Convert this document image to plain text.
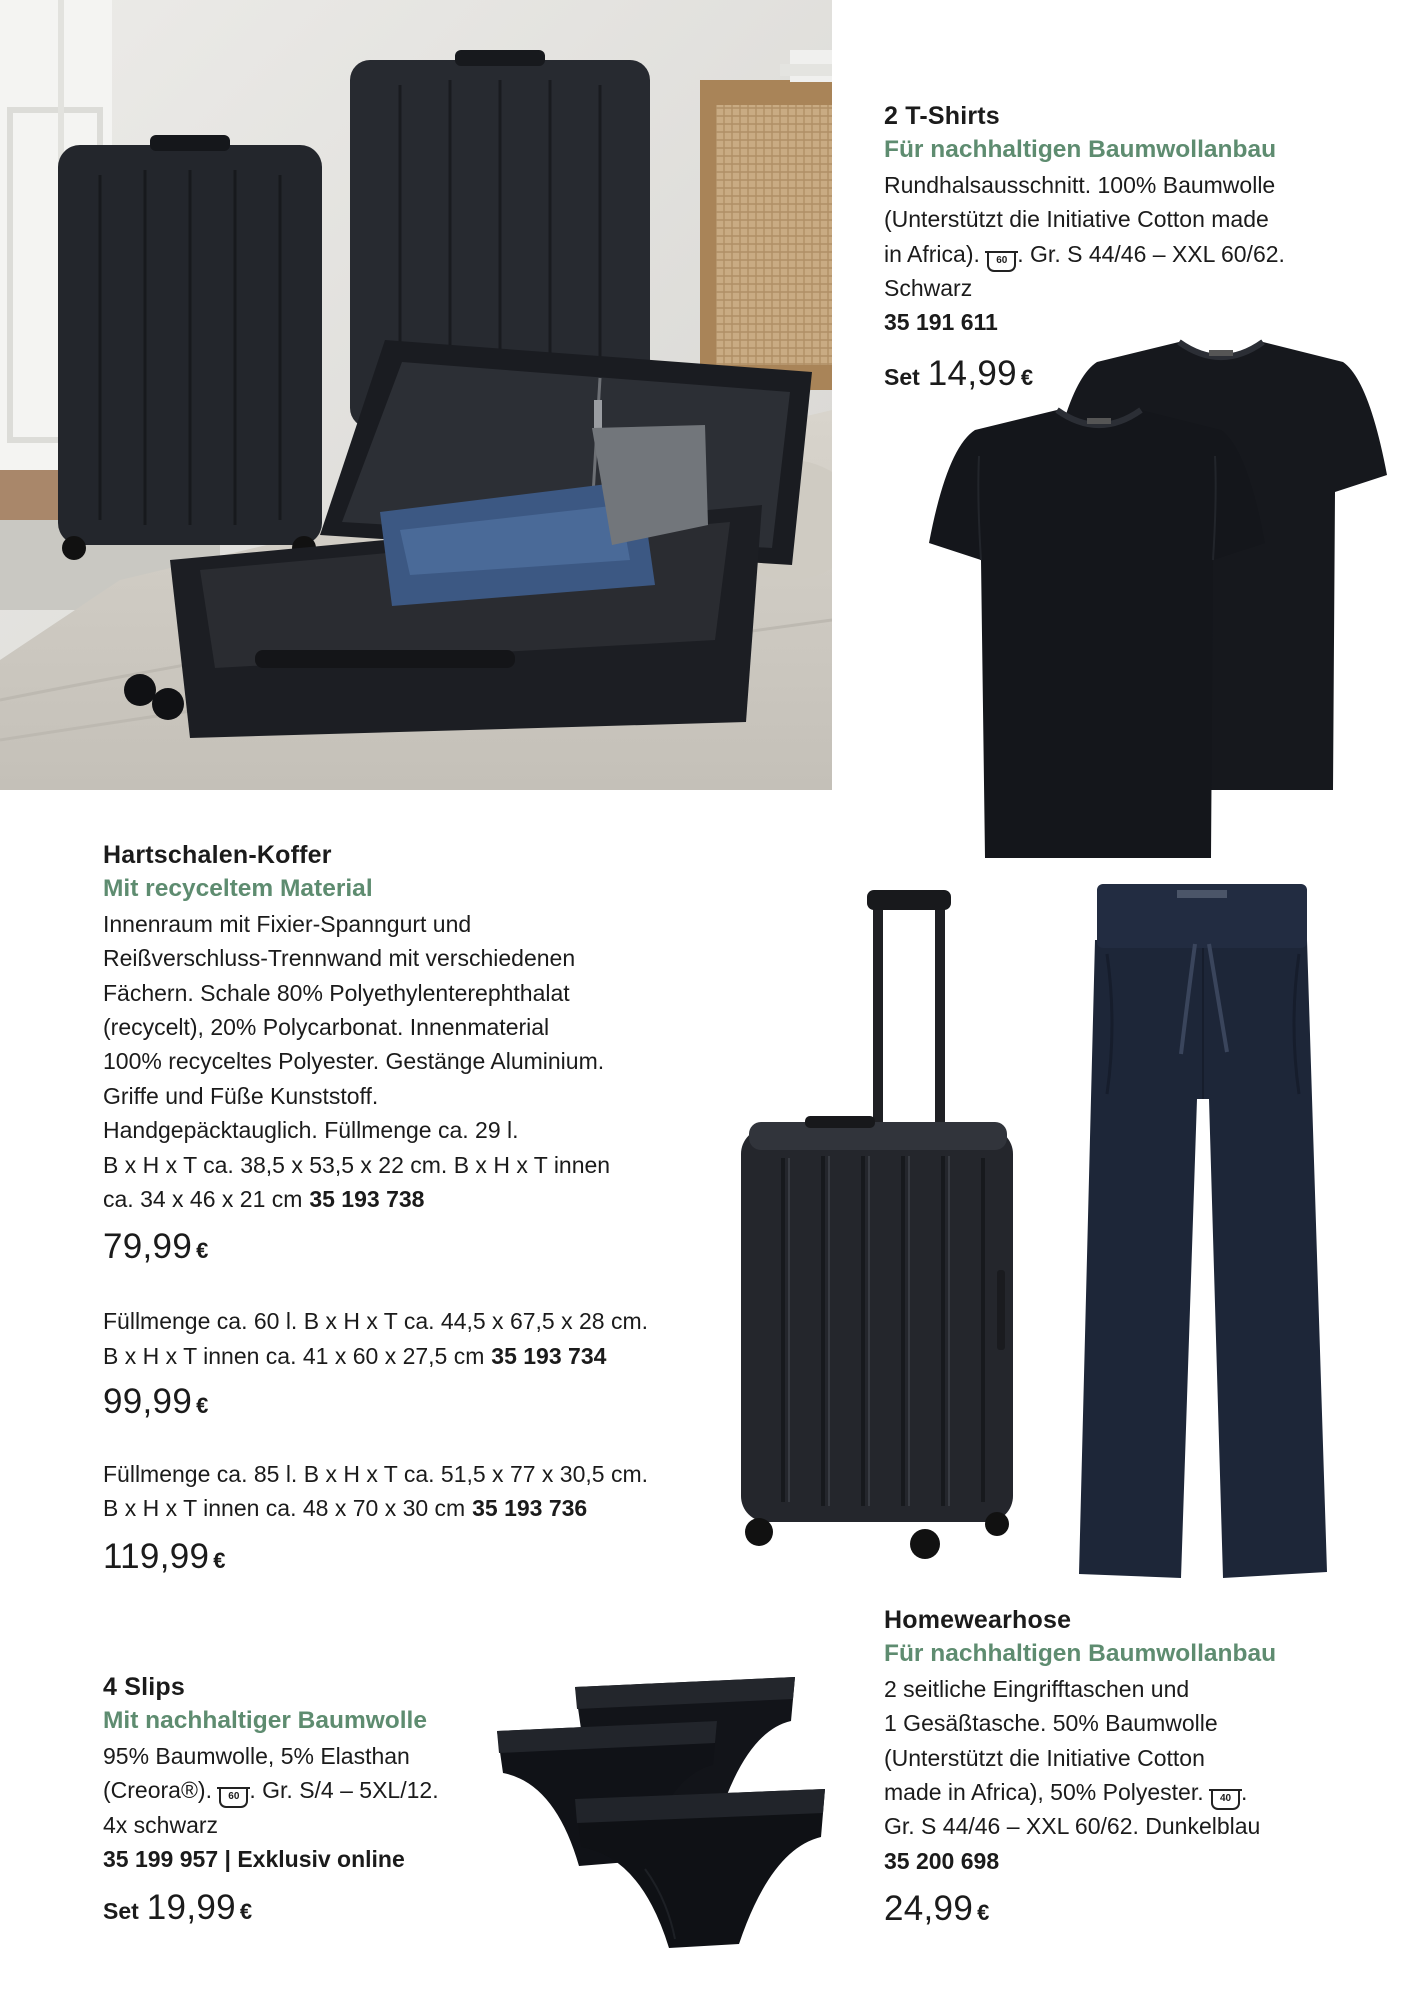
2 T-Shirts
Für nachhaltigen Baumwollanbau
Rundhalsausschnitt. 100% Baumwolle
(Unterstützt die Initiative Cotton made
in Africa). 60 . Gr. S 44/46 – XXL 60/62.
Schwarz
35 191 611
Set 14,99 €
Hartschalen-Koffer
Mit recyceltem Material
Innenraum mit Fixier-Spanngurt und
Reißverschluss-Trennwand mit verschiedenen
Fächern. Schale 80% Polyethylenterephthalat
(recycelt), 20% Polycarbonat. Innenmaterial
100% recyceltes Polyester. Gestänge Aluminium.
Griffe und Füße Kunststoff.
Handgepäcktauglich. Füllmenge ca. 29 l.
B x H x T ca. 38,5 x 53,5 x 22 cm. B x H x T innen
ca. 34 x 46 x 21 cm 35 193 738
79,99 €
Füllmenge ca. 60 l. B x H x T ca. 44,5 x 67,5 x 28 cm.
B x H x T innen ca. 41 x 60 x 27,5 cm 35 193 734
99,99 €
Füllmenge ca. 85 l. B x H x T ca. 51,5 x 77 x 30,5 cm.
B x H x T innen ca. 48 x 70 x 30 cm 35 193 736
119,99 €
Homewearhose
Für nachhaltigen Baumwollanbau
2 seitliche Eingrifftaschen und
1 Gesäßtasche. 50% Baumwolle
(Unterstützt die Initiative Cotton
made in Africa), 50% Polyester. 40 .
Gr. S 44/46 – XXL 60/62. Dunkelblau
35 200 698
24,99 €
4 Slips
Mit nachhaltiger Baumwolle
95% Baumwolle, 5% Elasthan
(Creora®). 60 . Gr. S/4 – 5XL/12.
4x schwarz
35 199 957 | Exklusiv online
Set 19,99 €
